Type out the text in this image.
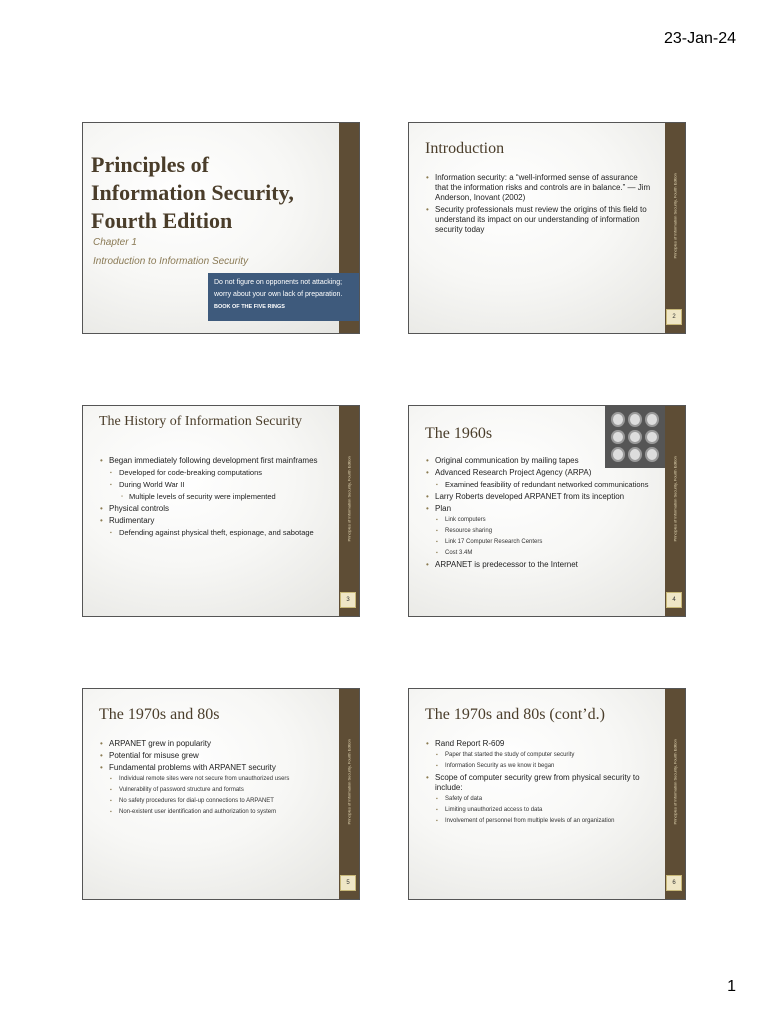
23-Jan-24
Principles of Information Security, Fourth Edition
Chapter 1
Introduction to Information Security
Do not figure on opponents not attacking; worry about your own lack of preparation.
BOOK OF THE FIVE RINGS
Principles of Information Security, Fourth Edition
2
Introduction
• Information security: a “well-informed sense of assurance that the information risks and controls are in balance.” — Jim Anderson, Inovant (2002)
• Security professionals must review the origins of this field to understand its impact on our understanding of information security today
Principles of Information Security, Fourth Edition
3
The History of Information Security
• Began immediately following development first mainframes
▪ Developed for code-breaking computations
▪ During World War II
▫ Multiple levels of security were implemented
• Physical controls
• Rudimentary
▪ Defending against physical theft, espionage, and sabotage	Principles of Information Security, Fourth Edition
4
The 1960s
• Original communication by mailing tapes
• Advanced Research Project Agency (ARPA)
▪ Examined feasibility of redundant networked communications
• Larry Roberts developed ARPANET from its inception
• Plan
▪ Link computers
▪ Resource sharing
▪ Link 17 Computer Research Centers
▪ Cost 3.4M
• ARPANET is predecessor to the Internet
Principles of Information Security, Fourth Edition
5
The 1970s and 80s
• ARPANET grew in popularity
• Potential for misuse grew
• Fundamental problems with ARPANET security
▪ Individual remote sites were not secure from unauthorized users
▪ Vulnerability of password structure and formats
▪ No safety procedures for dial-up connections to ARPANET
▪ Non-existent user identification and authorization to system	Principles of Information Security, Fourth Edition
6
The 1970s and 80s (cont’d.)
• Rand Report R-609
▪ Paper that started the study of computer security
▪ Information Security as we know it began
• Scope of computer security grew from physical security to include:
▪ Safety of data
▪ Limiting unauthorized access to data
▪ Involvement of personnel from multiple levels of an organization
1
